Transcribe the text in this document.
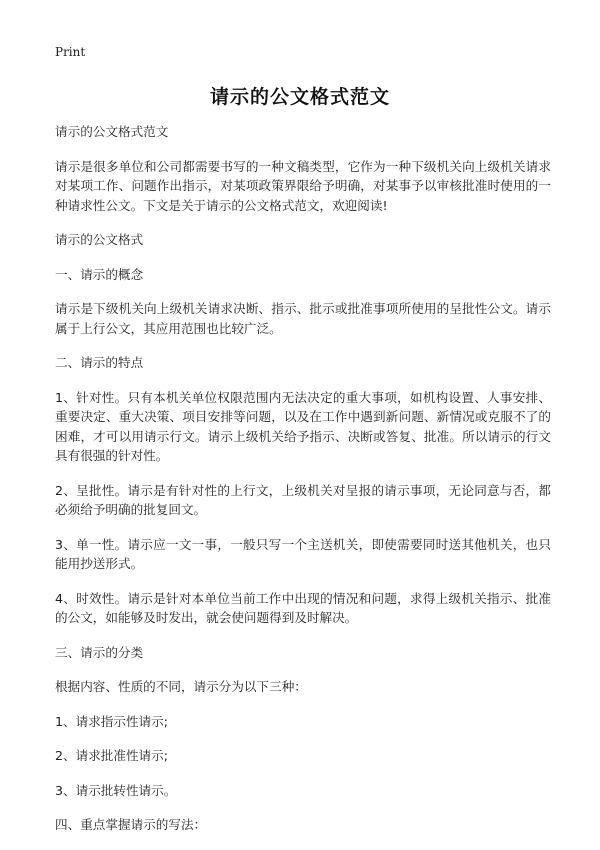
Print
请示的公文格式范文

请示的公文格式范文

请示是很多单位和公司都需要书写的一种文稿类型，它作为一种下级机关向上级机关请求对某项工作、问题作出指示，对某项政策界限给予明确，对某事予以审核批准时使用的一种请求性公文。下文是关于请示的公文格式范文，欢迎阅读!

请示的公文格式

一、请示的概念

请示是下级机关向上级机关请求决断、指示、批示或批准事项所使用的呈批性公文。请示属于上行公文，其应用范围也比较广泛。

二、请示的特点

1、针对性。只有本机关单位权限范围内无法决定的重大事项，如机构设置、人事安排、重要决定、重大决策、项目安排等问题，以及在工作中遇到新问题、新情况或克服不了的困难，才可以用请示行文。请示上级机关给予指示、决断或答复、批准。所以请示的行文具有很强的针对性。

2、呈批性。请示是有针对性的上行文，上级机关对呈报的请示事项，无论同意与否，都必须给予明确的批复回文。

3、单一性。请示应一文一事，一般只写一个主送机关，即使需要同时送其他机关，也只能用抄送形式。

4、时效性。请示是针对本单位当前工作中出现的情况和问题，求得上级机关指示、批准的公文，如能够及时发出，就会使问题得到及时解决。

三、请示的分类

根据内容、性质的不同，请示分为以下三种：

1、请求指示性请示;

2、请求批准性请示;

3、请示批转性请示。

四、重点掌握请示的写法：
